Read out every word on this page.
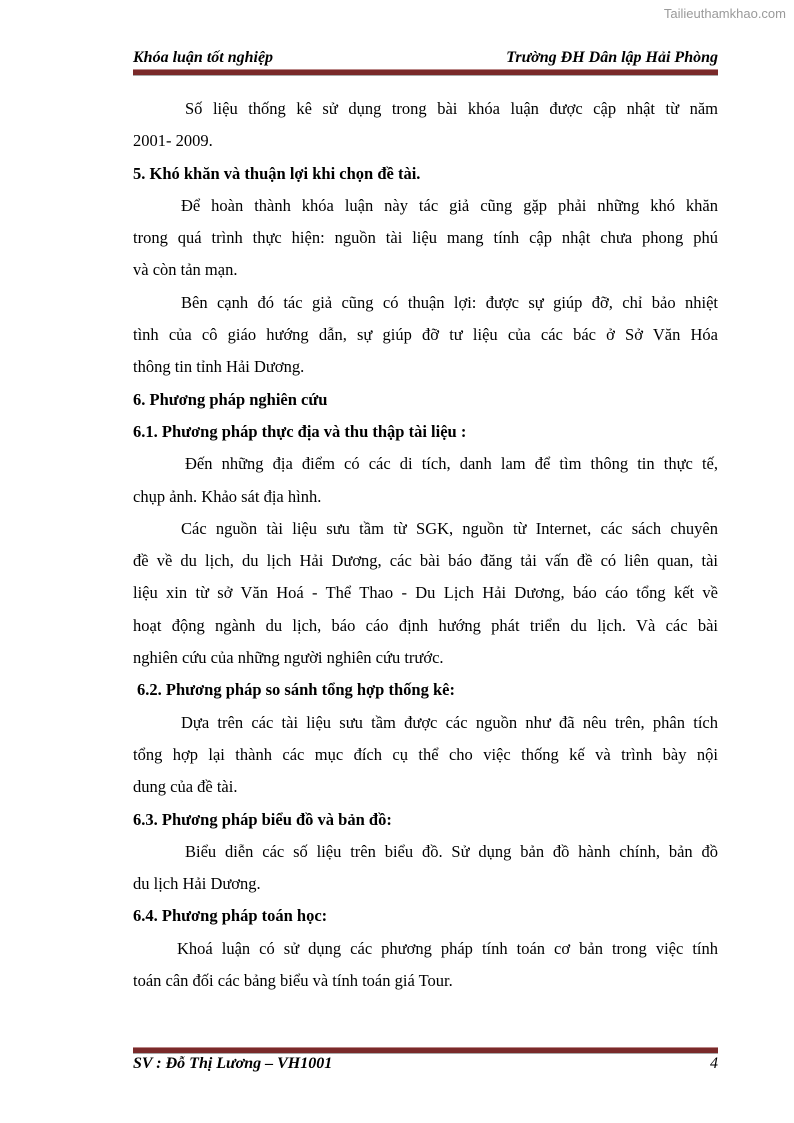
Tailieuthamkhao.com
Khóa luận tốt nghiệp	Trường ĐH Dân lập Hải Phòng
Số liệu thống kê sử dụng trong bài khóa luận được cập nhật từ năm
2001- 2009.
5. Khó khăn và thuận lợi khi chọn đề tài.
Để hoàn thành khóa luận này tác giả cũng gặp phải những khó khăn
trong quá trình thực hiện: nguồn tài liệu mang tính cập nhật chưa phong phú
và còn tản mạn.
Bên cạnh đó tác giả cũng có thuận lợi: được sự giúp đỡ, chỉ bảo nhiệt
tình của cô giáo hướng dẫn, sự giúp đỡ tư liệu của các bác ở Sở Văn Hóa
thông tin tỉnh Hải Dương.
6. Phương pháp nghiên cứu
6.1. Phương pháp thực địa và thu thập tài liệu :
Đến những địa điểm có các di tích, danh lam để tìm thông tin thực tế,
chụp ảnh. Khảo sát địa hình.
Các nguồn tài liệu sưu tầm từ SGK, nguồn từ Internet, các sách chuyên
đề về du lịch, du lịch Hải Dương, các bài báo đăng tải vấn đề có liên quan, tài
liệu xin từ sở Văn Hoá - Thể Thao - Du Lịch Hải Dương, báo cáo tổng kết về
hoạt động ngành du lịch, báo cáo định hướng phát triển du lịch. Và các bài
nghiên cứu của những người nghiên cứu trước.
6.2. Phương pháp so sánh tổng hợp thống kê:
Dựa trên các tài liệu sưu tầm được các nguồn như đã nêu trên, phân tích
tổng hợp lại thành các mục đích cụ thể cho việc thống kế và trình bày nội
dung của đề tài.
6.3. Phương pháp biểu đồ và bản đồ:
Biểu diễn các số liệu trên biểu đồ. Sử dụng bản đồ hành chính, bản đồ
du lịch Hải Dương.
6.4. Phương pháp toán học:
Khoá luận có sử dụng các phương pháp tính toán cơ bản trong việc tính
toán cân đối các bảng biểu và tính toán giá Tour.
SV : Đỗ Thị Lương – VH1001	4
